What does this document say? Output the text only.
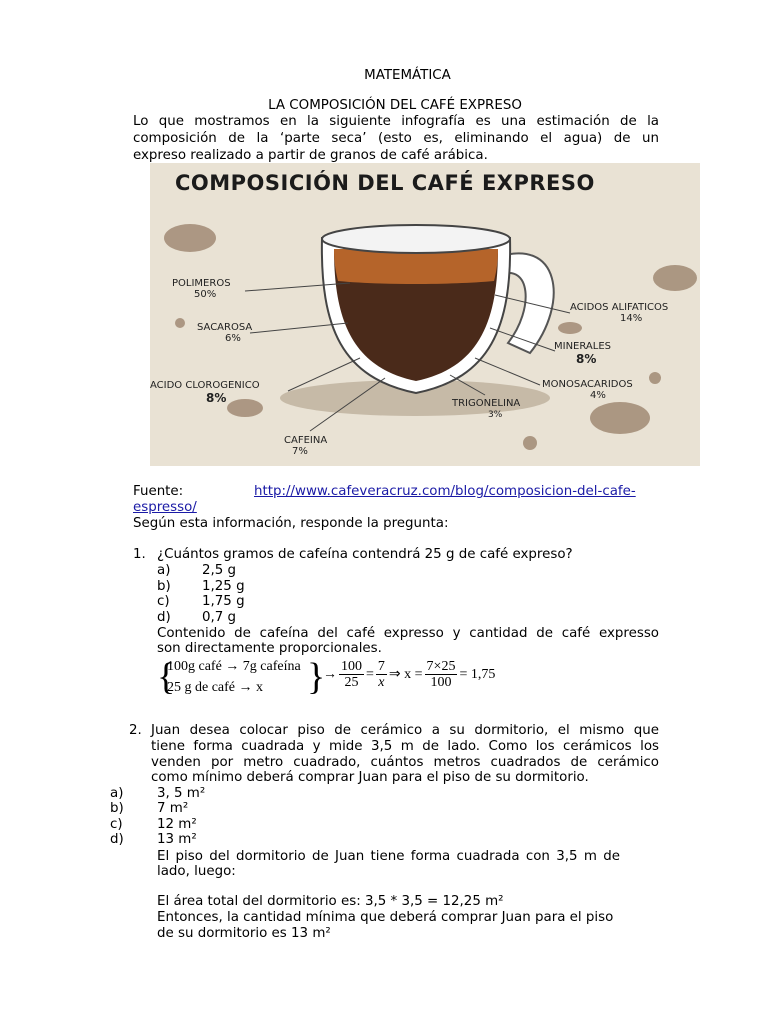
MATEMÁTICA
LA COMPOSICIÓN DEL CAFÉ EXPRESO
Lo que mostramos en la siguiente infografía es una estimación de la
composición de la ‘parte seca’ (esto es, eliminando el agua) de un
expreso realizado a partir de granos de café arábica.
COMPOSICIÓN DEL CAFÉ EXPRESO
POLIMEROS
50%
SACAROSA
6%
ACIDO CLOROGENICO
8%
CAFEINA
7%
TRIGONELINA
3%
MONOSACARIDOS
4%
MINERALES
8%
ACIDOS ALIFATICOS
14%
Fuente:	http://www.cafeveracruz.com/blog/composicion-del-cafe-
espresso/
Según esta información, responde la pregunta:
1. ¿Cuántos gramos de cafeína contendrá 25 g de café expreso?
a) 2,5 g
b) 1,25 g
c) 1,75 g
d) 0,7 g
Contenido de cafeína del café expresso y cantidad de café expresso
son directamente proporcionales.
{
100g café → 7g cafeína
25 g de café → x }
→ $\frac{100}{25} = \frac{7}{x}$ ⇒ $x = \frac{7\times 25}{100} = 1,75$
2. Juan desea colocar piso de cerámico a su dormitorio, el mismo que
tiene forma cuadrada y mide 3,5 m de lado. Como los cerámicos los
venden por metro cuadrado, cuántos metros cuadrados de cerámico
como mínimo deberá comprar Juan para el piso de su dormitorio.
a)	3, 5 m²
b) 7 m²
c)	12 m²
d) 13 m²
El piso del dormitorio de Juan tiene forma cuadrada con 3,5 m de
lado, luego:
El área total del dormitorio es: 3,5 * 3,5 = 12,25 m²
Entonces, la cantidad mínima que deberá comprar Juan para el piso
de su dormitorio es 13 m²
